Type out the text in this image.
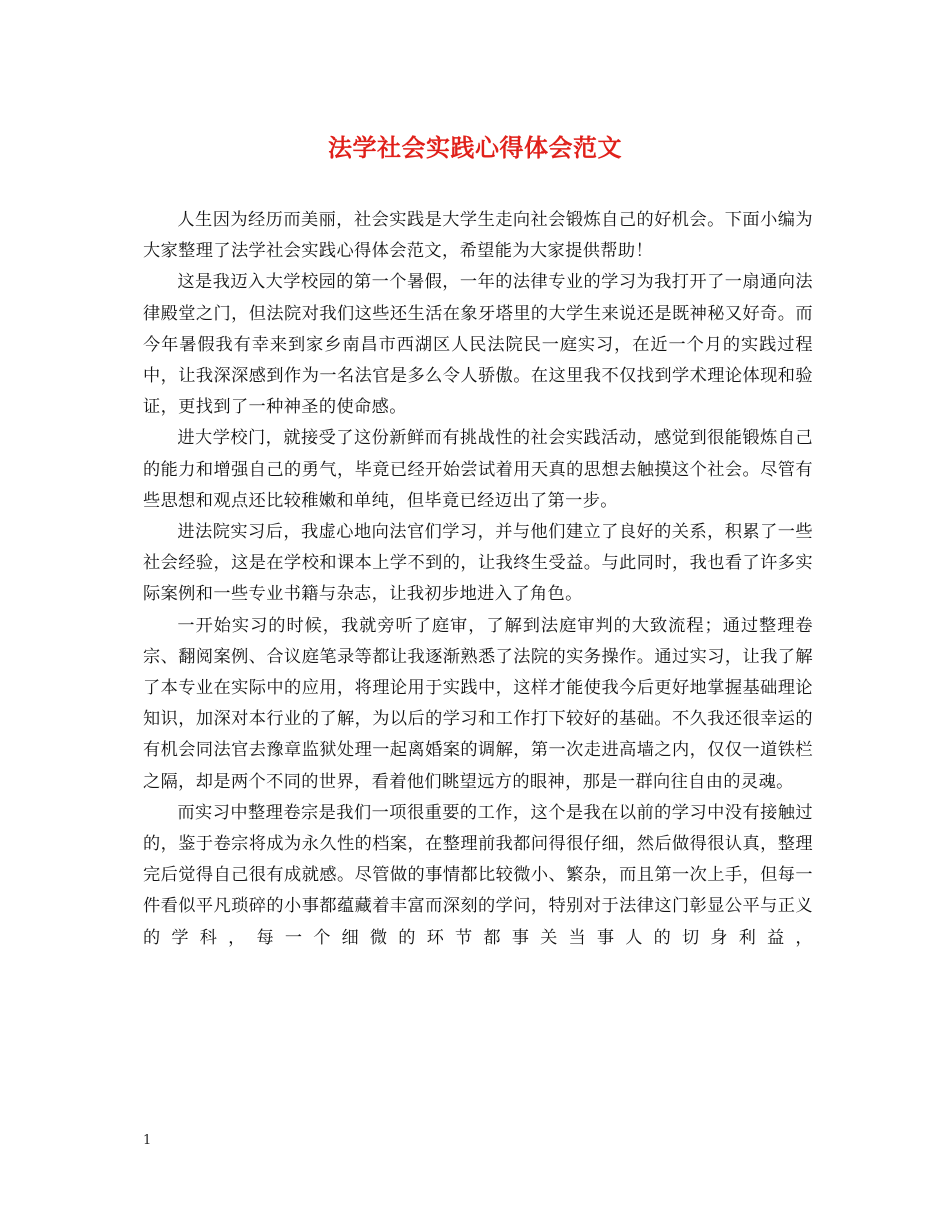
法学社会实践心得体会范文

人生因为经历而美丽，社会实践是大学生走向社会锻炼自己的好机会。下面小编为大家整理了法学社会实践心得体会范文，希望能为大家提供帮助！

这是我迈入大学校园的第一个暑假，一年的法律专业的学习为我打开了一扇通向法律殿堂之门，但法院对我们这些还生活在象牙塔里的大学生来说还是既神秘又好奇。而今年暑假我有幸来到家乡南昌市西湖区人民法院民一庭实习，在近一个月的实践过程中，让我深深感到作为一名法官是多么令人骄傲。在这里我不仅找到学术理论体现和验证，更找到了一种神圣的使命感。

进大学校门，就接受了这份新鲜而有挑战性的社会实践活动，感觉到很能锻炼自己的能力和增强自己的勇气，毕竟已经开始尝试着用天真的思想去触摸这个社会。尽管有些思想和观点还比较稚嫩和单纯，但毕竟已经迈出了第一步。

进法院实习后，我虚心地向法官们学习，并与他们建立了良好的关系，积累了一些社会经验，这是在学校和课本上学不到的，让我终生受益。与此同时，我也看了许多实际案例和一些专业书籍与杂志，让我初步地进入了角色。

一开始实习的时候，我就旁听了庭审，了解到法庭审判的大致流程；通过整理卷宗、翻阅案例、合议庭笔录等都让我逐渐熟悉了法院的实务操作。通过实习，让我了解了本专业在实际中的应用，将理论用于实践中，这样才能使我今后更好地掌握基础理论知识，加深对本行业的了解，为以后的学习和工作打下较好的基础。不久我还很幸运的有机会同法官去豫章监狱处理一起离婚案的调解，第一次走进高墙之内，仅仅一道铁栏之隔，却是两个不同的世界，看着他们眺望远方的眼神，那是一群向往自由的灵魂。

而实习中整理卷宗是我们一项很重要的工作，这个是我在以前的学习中没有接触过的，鉴于卷宗将成为永久性的档案，在整理前我都问得很仔细，然后做得很认真，整理完后觉得自己很有成就感。尽管做的事情都比较微小、繁杂，而且第一次上手，但每一件看似平凡琐碎的小事都蕴藏着丰富而深刻的学问，特别对于法律这门彰显公平与正义的学科，每一个细微的环节都事关当事人的切身利益，

1
